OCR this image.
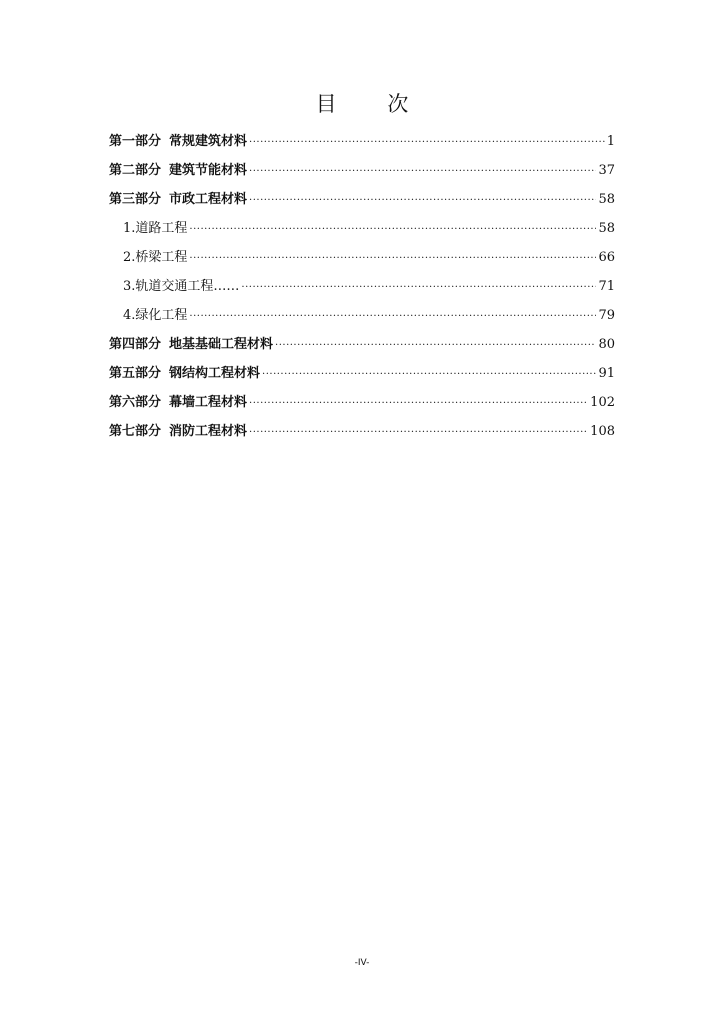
目 次
第一部分 常规建筑材料 .....	1
第二部分 建筑节能材料 .....	37
第三部分 市政工程材料 .....	58
1.道路工程 .....	58
2.桥梁工程 .....	66
3.轨道交通工程…… .....	71
4.绿化工程 .....	79
第四部分 地基基础工程材料 .....	80
第五部分 钢结构工程材料 .....	91
第六部分 幕墙工程材料 .....	102
第七部分 消防工程材料 .....	108
-IV-
